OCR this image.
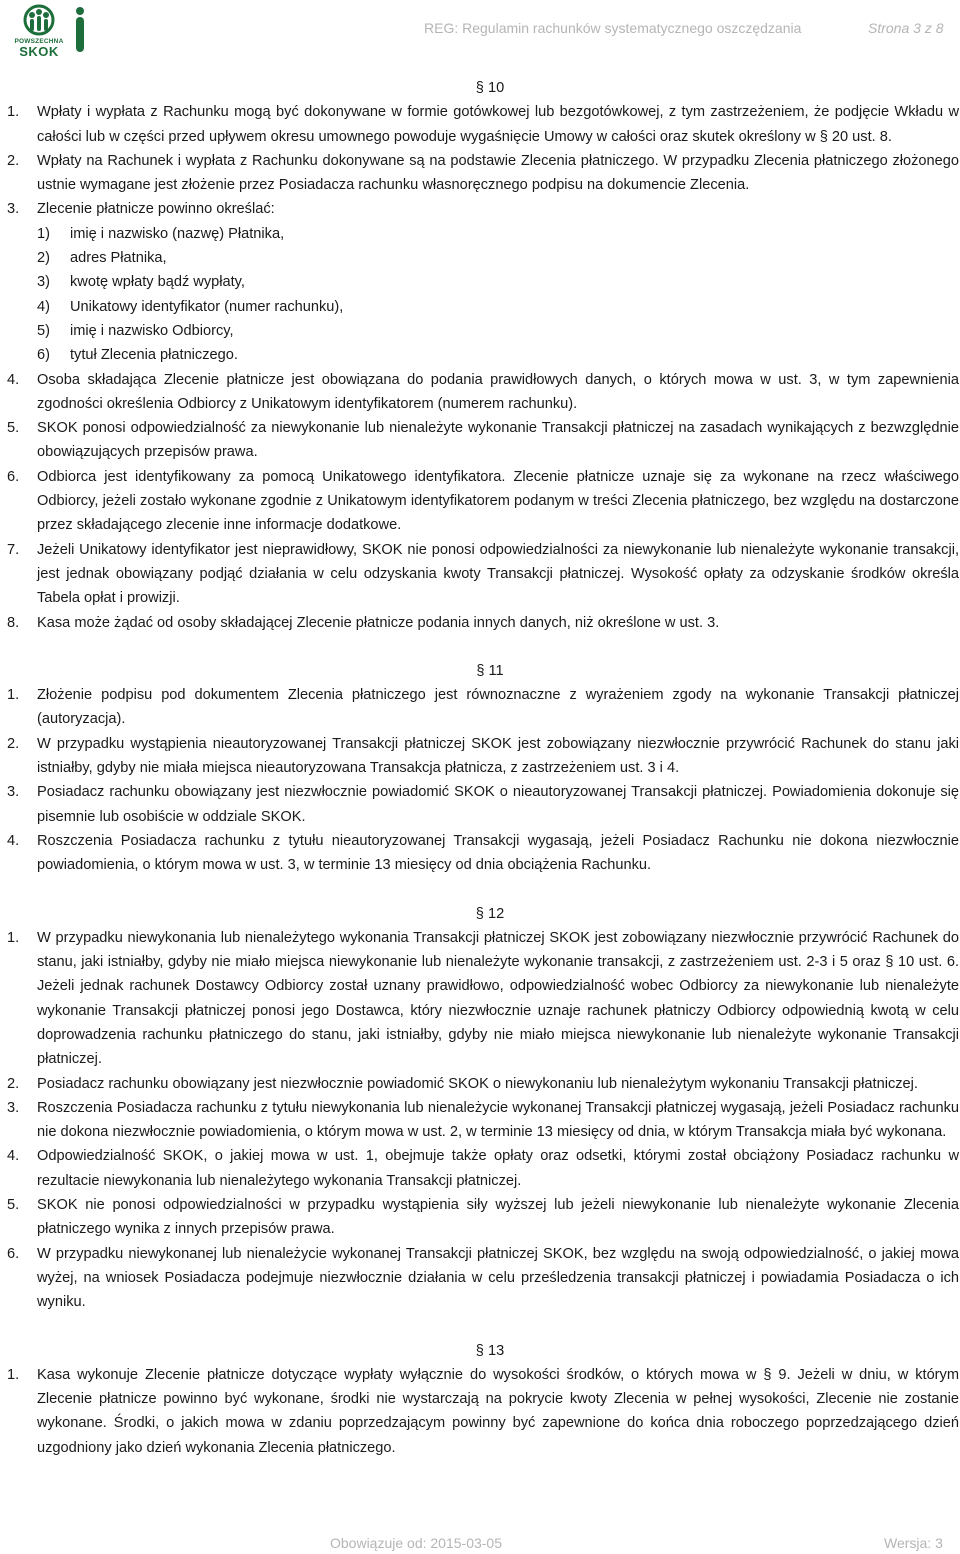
POWSZECHNA
SKOK
REG: Regulamin rachunków systematycznego oszczędzania	Strona 3 z 8
§ 10
1. Wpłaty i wypłata z Rachunku mogą być dokonywane w formie gotówkowej lub bezgotówkowej, z tym zastrzeżeniem, że podjęcie Wkładu w całości lub w części przed upływem okresu umownego powoduje wygaśnięcie Umowy w całości oraz skutek określony w § 20 ust. 8.
2. Wpłaty na Rachunek i wypłata z Rachunku dokonywane są na podstawie Zlecenia płatniczego. W przypadku Zlecenia płatniczego złożonego ustnie wymagane jest złożenie przez Posiadacza rachunku własnoręcznego podpisu na dokumencie Zlecenia.
3. Zlecenie płatnicze powinno określać:
1) imię i nazwisko (nazwę) Płatnika,
2) adres Płatnika,
3) kwotę wpłaty bądź wypłaty,
4) Unikatowy identyfikator (numer rachunku),
5) imię i nazwisko Odbiorcy,
6) tytuł Zlecenia płatniczego.
4. Osoba składająca Zlecenie płatnicze jest obowiązana do podania prawidłowych danych, o których mowa w ust. 3, w tym zapewnienia zgodności określenia Odbiorcy z Unikatowym identyfikatorem (numerem rachunku).
5. SKOK ponosi odpowiedzialność za niewykonanie lub nienależyte wykonanie Transakcji płatniczej na zasadach wynikających z bezwzględnie obowiązujących przepisów prawa.
6. Odbiorca jest identyfikowany za pomocą Unikatowego identyfikatora. Zlecenie płatnicze uznaje się za wykonane na rzecz właściwego Odbiorcy, jeżeli zostało wykonane zgodnie z Unikatowym identyfikatorem podanym w treści Zlecenia płatniczego, bez względu na dostarczone przez składającego zlecenie inne informacje dodatkowe.
7. Jeżeli Unikatowy identyfikator jest nieprawidłowy, SKOK nie ponosi odpowiedzialności za niewykonanie lub nienależyte wykonanie transakcji, jest jednak obowiązany podjąć działania w celu odzyskania kwoty Transakcji płatniczej. Wysokość opłaty za odzyskanie środków określa Tabela opłat i prowizji.
8. Kasa może żądać od osoby składającej Zlecenie płatnicze podania innych danych, niż określone w ust. 3.
§ 11
1. Złożenie podpisu pod dokumentem Zlecenia płatniczego jest równoznaczne z wyrażeniem zgody na wykonanie Transakcji płatniczej (autoryzacja).
2. W przypadku wystąpienia nieautoryzowanej Transakcji płatniczej SKOK jest zobowiązany niezwłocznie przywrócić Rachunek do stanu jaki istniałby, gdyby nie miała miejsca nieautoryzowana Transakcja płatnicza, z zastrzeżeniem ust. 3 i 4.
3. Posiadacz rachunku obowiązany jest niezwłocznie powiadomić SKOK o nieautoryzowanej Transakcji płatniczej. Powiadomienia dokonuje się pisemnie lub osobiście w oddziale SKOK.
4. Roszczenia Posiadacza rachunku z tytułu nieautoryzowanej Transakcji wygasają, jeżeli Posiadacz Rachunku nie dokona niezwłocznie powiadomienia, o którym mowa w ust. 3, w terminie 13 miesięcy od dnia obciążenia Rachunku.
§ 12
1. W przypadku niewykonania lub nienależytego wykonania Transakcji płatniczej SKOK jest zobowiązany niezwłocznie przywrócić Rachunek do stanu, jaki istniałby, gdyby nie miało miejsca niewykonanie lub nienależyte wykonanie transakcji, z zastrzeżeniem ust. 2-3 i 5 oraz § 10 ust. 6. Jeżeli jednak rachunek Dostawcy Odbiorcy został uznany prawidłowo, odpowiedzialność wobec Odbiorcy za niewykonanie lub nienależyte wykonanie Transakcji płatniczej ponosi jego Dostawca, który niezwłocznie uznaje rachunek płatniczy Odbiorcy odpowiednią kwotą w celu doprowadzenia rachunku płatniczego do stanu, jaki istniałby, gdyby nie miało miejsca niewykonanie lub nienależyte wykonanie Transakcji płatniczej.
2. Posiadacz rachunku obowiązany jest niezwłocznie powiadomić SKOK o niewykonaniu lub nienależytym wykonaniu Transakcji płatniczej.
3. Roszczenia Posiadacza rachunku z tytułu niewykonania lub nienależycie wykonanej Transakcji płatniczej wygasają, jeżeli Posiadacz rachunku nie dokona niezwłocznie powiadomienia, o którym mowa w ust. 2, w terminie 13 miesięcy od dnia, w którym Transakcja miała być wykonana.
4. Odpowiedzialność SKOK, o jakiej mowa w ust. 1, obejmuje także opłaty oraz odsetki, którymi został obciążony Posiadacz rachunku w rezultacie niewykonania lub nienależytego wykonania Transakcji płatniczej.
5. SKOK nie ponosi odpowiedzialności w przypadku wystąpienia siły wyższej lub jeżeli niewykonanie lub nienależyte wykonanie Zlecenia płatniczego wynika z innych przepisów prawa.
6. W przypadku niewykonanej lub nienależycie wykonanej Transakcji płatniczej SKOK, bez względu na swoją odpowiedzialność, o jakiej mowa wyżej, na wniosek Posiadacza podejmuje niezwłocznie działania w celu prześledzenia transakcji płatniczej i powiadamia Posiadacza o ich wyniku.
§ 13
1. Kasa wykonuje Zlecenie płatnicze dotyczące wypłaty wyłącznie do wysokości środków, o których mowa w § 9. Jeżeli w dniu, w którym Zlecenie płatnicze powinno być wykonane, środki nie wystarczają na pokrycie kwoty Zlecenia w pełnej wysokości, Zlecenie nie zostanie wykonane. Środki, o jakich mowa w zdaniu poprzedzającym powinny być zapewnione do końca dnia roboczego poprzedzającego dzień uzgodniony jako dzień wykonania Zlecenia płatniczego.
Obowiązuje od: 2015-03-05	Wersja: 3
